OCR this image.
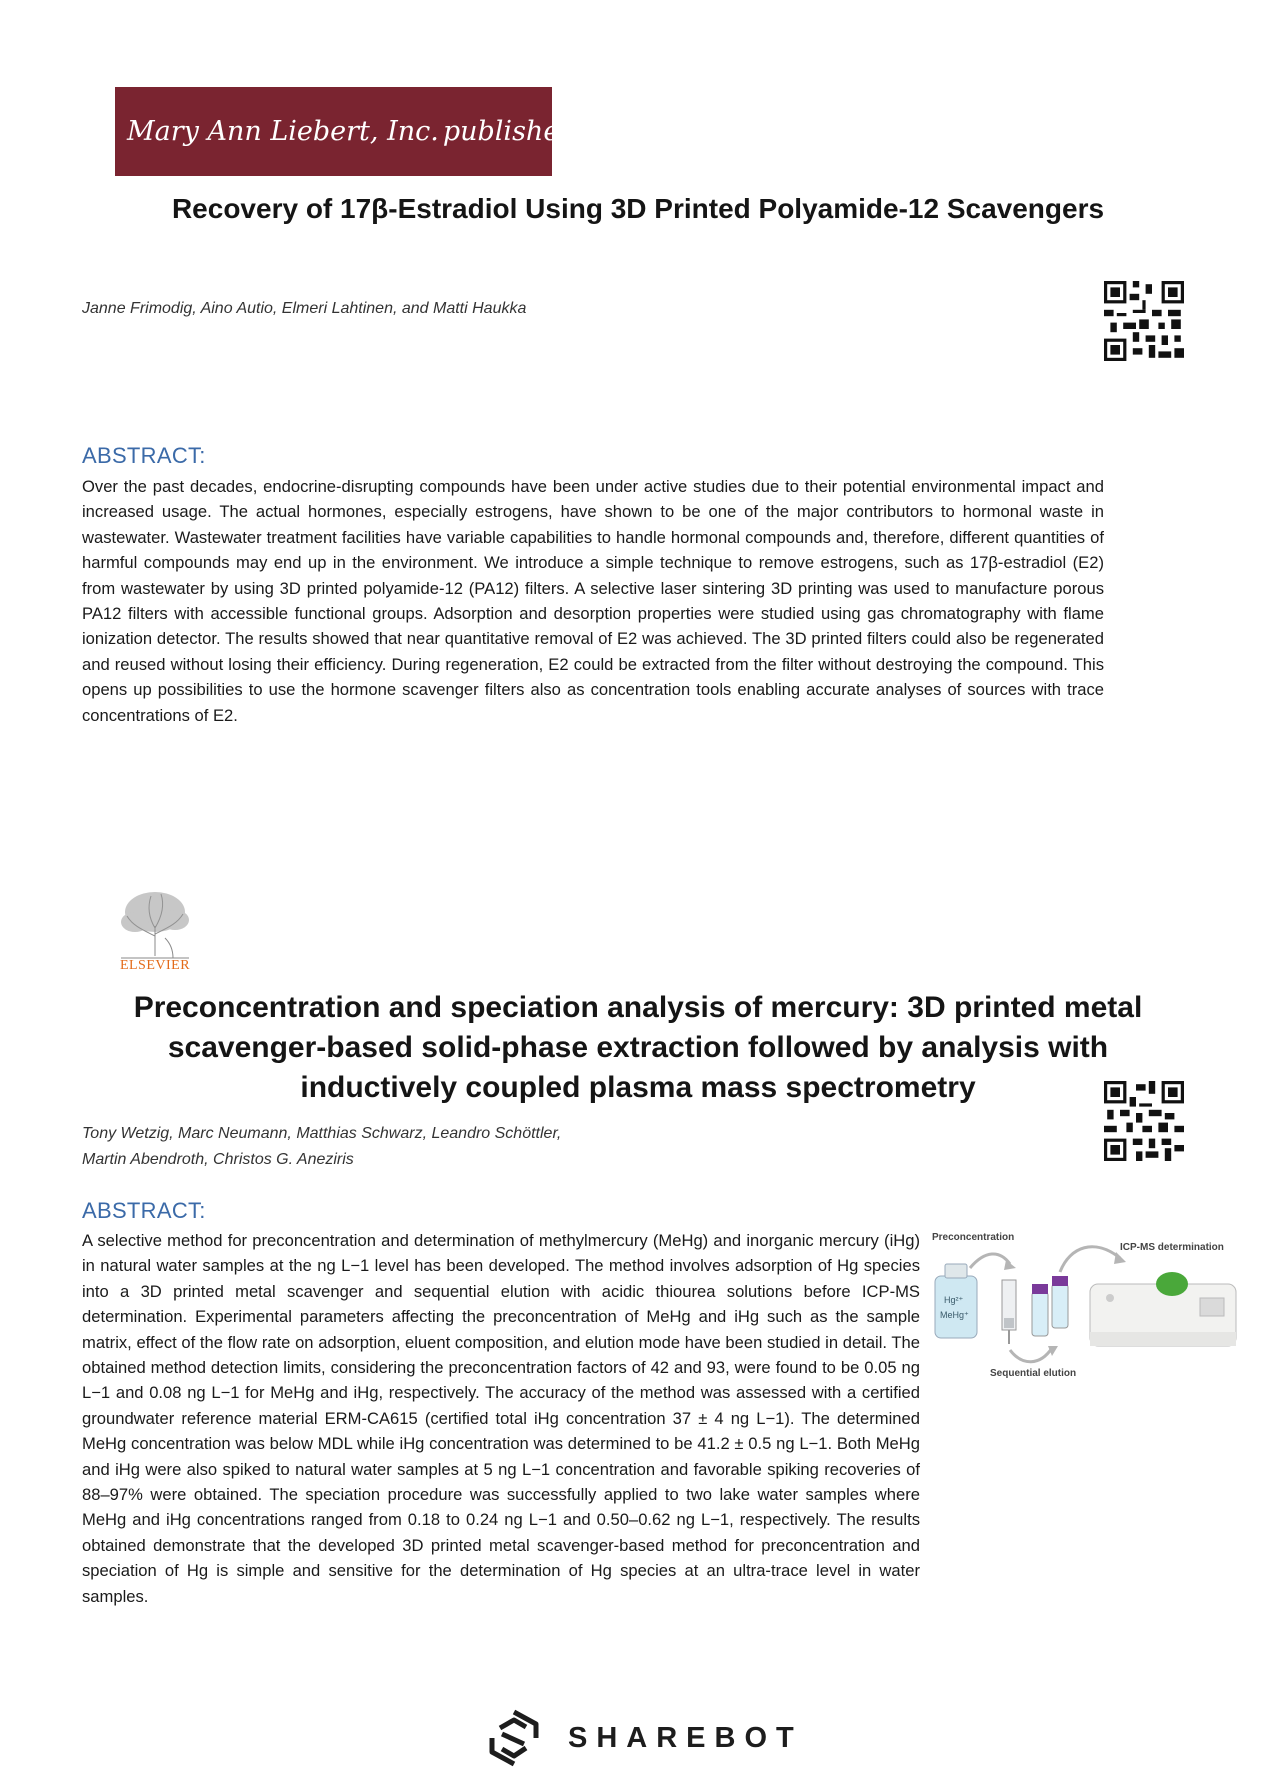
Mary Ann Liebert, Inc. publishers
Recovery of 17β-Estradiol Using 3D Printed Polyamide-12 Scavengers
Janne Frimodig, Aino Autio, Elmeri Lahtinen, and Matti Haukka
ABSTRACT:
Over the past decades, endocrine-disrupting compounds have been under active studies due to their potential environmental impact and increased usage. The actual hormones, especially estrogens, have shown to be one of the major contributors to hormonal waste in wastewater. Wastewater treatment facilities have variable capabilities to handle hormonal compounds and, therefore, different quantities of harmful compounds may end up in the environment. We introduce a simple technique to remove estrogens, such as 17β-estradiol (E2) from wastewater by using 3D printed polyamide-12 (PA12) filters. A selective laser sintering 3D printing was used to manufacture porous PA12 filters with accessible functional groups. Adsorption and desorption properties were studied using gas chromatography with flame ionization detector. The results showed that near quantitative removal of E2 was achieved. The 3D printed filters could also be regenerated and reused without losing their efficiency. During regeneration, E2 could be extracted from the filter without destroying the compound. This opens up possibilities to use the hormone scavenger filters also as concentration tools enabling accurate analyses of sources with trace concentrations of E2.
ELSEVIER
Preconcentration and speciation analysis of mercury: 3D printed metal
scavenger-based solid-phase extraction followed by analysis with
inductively coupled plasma mass spectrometry
Tony Wetzig, Marc Neumann, Matthias Schwarz, Leandro Schöttler,
Martin Abendroth, Christos G. Aneziris
ABSTRACT:
A selective method for preconcentration and determination of methylmercury (MeHg) and inorganic mercury (iHg) in natural water samples at the ng L−1 level has been developed. The method involves adsorption of Hg species into a 3D printed metal scavenger and sequential elution with acidic thiourea solutions before ICP-MS determination. Experimental parameters affecting the preconcentration of MeHg and iHg such as the sample matrix, effect of the flow rate on adsorption, eluent composition, and elution mode have been studied in detail. The obtained method detection limits, considering the preconcentration factors of 42 and 93, were found to be 0.05 ng L−1 and 0.08 ng L−1 for MeHg and iHg, respectively. The accuracy of the method was assessed with a certified groundwater reference material ERM-CA615 (certified total iHg concentration 37 ± 4 ng L−1). The determined MeHg concentration was below MDL while iHg concentration was determined to be 41.2 ± 0.5 ng L−1. Both MeHg and iHg were also spiked to natural water samples at 5 ng L−1 concentration and favorable spiking recoveries of 88–97% were obtained. The speciation procedure was successfully applied to two lake water samples where MeHg and iHg concentrations ranged from 0.18 to 0.24 ng L−1 and 0.50–0.62 ng L−1, respectively. The results obtained demonstrate that the developed 3D printed metal scavenger-based method for preconcentration and speciation of Hg is simple and sensitive for the determination of Hg species at an ultra-trace level in water samples.
Preconcentration
ICP-MS determination
Sequential elution
Hg²⁺
MeHg⁺
SHAREBOT
